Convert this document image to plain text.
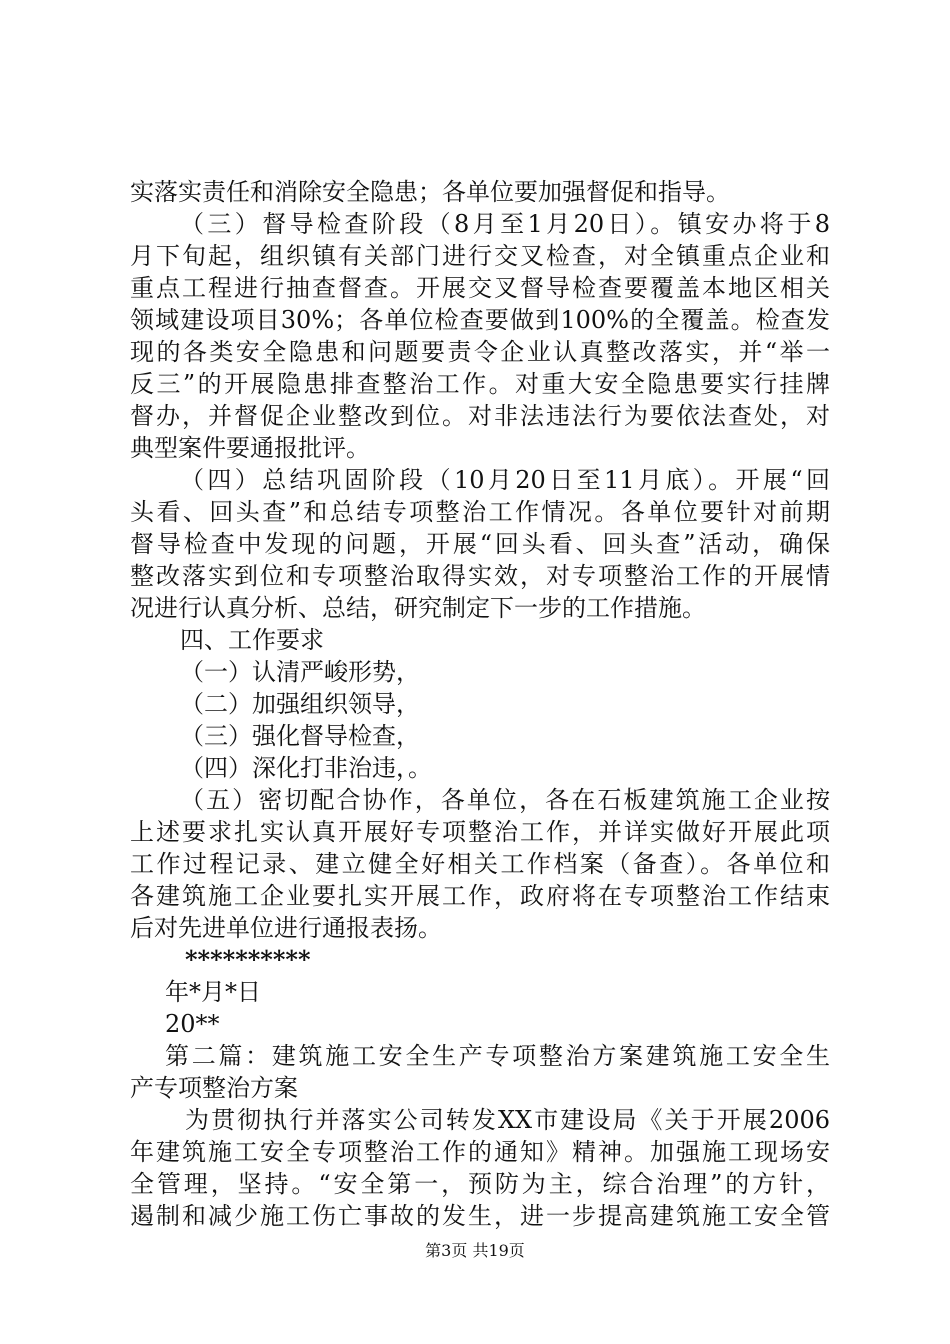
实落实责任和消除安全隐患；各单位要加强督促和指导。
（三）督导检查阶段（8月至1月20日）。镇安办将于8
月下旬起，组织镇有关部门进行交叉检查，对全镇重点企业和
重点工程进行抽查督查。开展交叉督导检查要覆盖本地区相关
领域建设项目30%；各单位检查要做到100%的全覆盖。检查发
现的各类安全隐患和问题要责令企业认真整改落实，并“举一
反三”的开展隐患排查整治工作。对重大安全隐患要实行挂牌
督办，并督促企业整改到位。对非法违法行为要依法查处，对
典型案件要通报批评。
（四）总结巩固阶段（10月20日至11月底）。开展“回
头看、回头查”和总结专项整治工作情况。各单位要针对前期
督导检查中发现的问题，开展“回头看、回头查”活动，确保
整改落实到位和专项整治取得实效，对专项整治工作的开展情
况进行认真分析、总结，研究制定下一步的工作措施。
四、工作要求
（一）认清严峻形势，
（二）加强组织领导，
（三）强化督导检查，
（四）深化打非治违，。
（五）密切配合协作，各单位，各在石板建筑施工企业按
上述要求扎实认真开展好专项整治工作，并详实做好开展此项
工作过程记录、建立健全好相关工作档案（备查）。各单位和
各建筑施工企业要扎实开展工作，政府将在专项整治工作结束
后对先进单位进行通报表扬。
**********
年*月*日
20**
第二篇：建筑施工安全生产专项整治方案建筑施工安全生
产专项整治方案
为贯彻执行并落实公司转发XX市建设局《关于开展2006
年建筑施工安全专项整治工作的通知》精神。加强施工现场安
全管理，坚持。“安全第一，预防为主，综合治理”的方针，
遏制和减少施工伤亡事故的发生，进一步提高建筑施工安全管
第3页 共19页
